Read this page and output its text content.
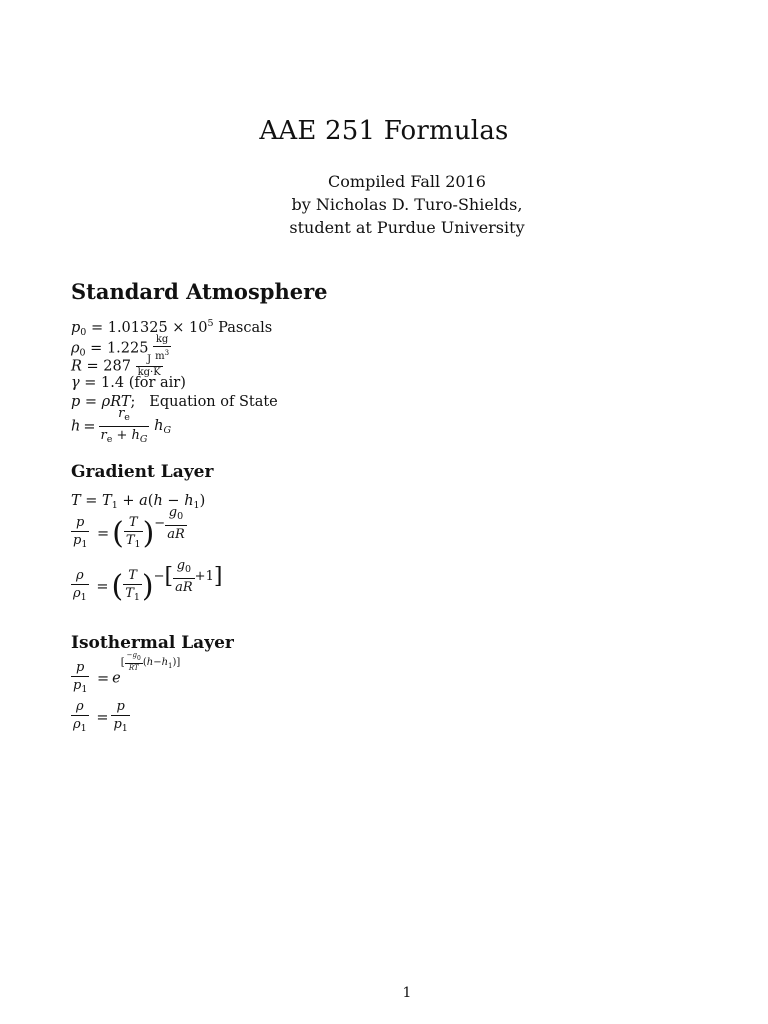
AAE 251 Formulas
Compiled Fall 2016
by Nicholas D. Turo-Shields,
student at Purdue University
Standard Atmosphere
$p_0 = 1.01325 \times 10^5$ Pascals
$\rho_0 = 1.225 \frac{kg}{m^3}$
$R = 287 \frac{J}{kg\cdot K}$
γ = 1.4 (for air)
p = ρRT;   Equation of State
$h = \frac{r_e}{r_e + h_G} h_G$
Gradient Layer
$T = T_1 + a(h - h_1)$
$\frac{p}{p_1}$ = ( $\frac{T}{T_1}$ )− $\frac{g_0}{aR}$
$\frac{\rho}{\rho_1}$ = ( $\frac{T}{T_1}$ )−[ $\frac{g_0}{aR} +1$]
Isothermal Layer
$\frac{p}{p_1} = e[ -g0 RT (h-h1)]$
$\frac{\rho}{\rho_1} = \frac{p}{p_1}$
1
